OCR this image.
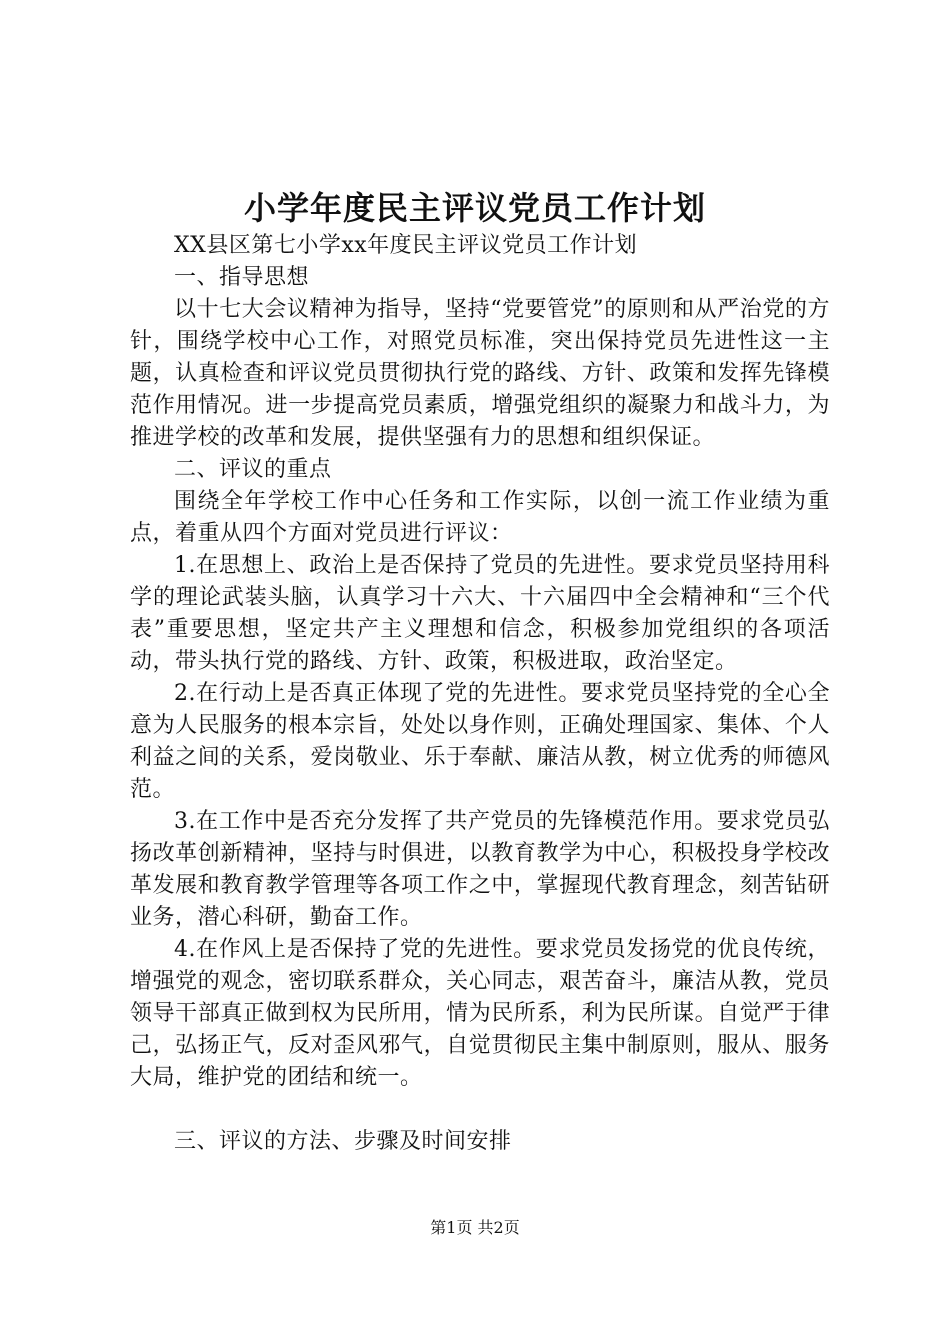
小学年度民主评议党员工作计划

XX县区第七小学xx年度民主评议党员工作计划

一、指导思想

以十七大会议精神为指导，坚持“党要管党”的原则和从严治党的方针，围绕学校中心工作，对照党员标准，突出保持党员先进性这一主题，认真检查和评议党员贯彻执行党的路线、方针、政策和发挥先锋模范作用情况。进一步提高党员素质，增强党组织的凝聚力和战斗力，为推进学校的改革和发展，提供坚强有力的思想和组织保证。

二、评议的重点

围绕全年学校工作中心任务和工作实际，以创一流工作业绩为重点，着重从四个方面对党员进行评议：

1.在思想上、政治上是否保持了党员的先进性。要求党员坚持用科学的理论武装头脑，认真学习十六大、十六届四中全会精神和“三个代表”重要思想，坚定共产主义理想和信念，积极参加党组织的各项活动，带头执行党的路线、方针、政策，积极进取，政治坚定。

2.在行动上是否真正体现了党的先进性。要求党员坚持党的全心全意为人民服务的根本宗旨，处处以身作则，正确处理国家、集体、个人利益之间的关系，爱岗敬业、乐于奉献、廉洁从教，树立优秀的师德风范。

3.在工作中是否充分发挥了共产党员的先锋模范作用。要求党员弘扬改革创新精神，坚持与时俱进，以教育教学为中心，积极投身学校改革发展和教育教学管理等各项工作之中，掌握现代教育理念，刻苦钻研业务，潜心科研，勤奋工作。

4.在作风上是否保持了党的先进性。要求党员发扬党的优良传统，增强党的观念，密切联系群众，关心同志，艰苦奋斗，廉洁从教，党员领导干部真正做到权为民所用，情为民所系，利为民所谋。自觉严于律己，弘扬正气，反对歪风邪气，自觉贯彻民主集中制原则，服从、服务大局，维护党的团结和统一。

三、评议的方法、步骤及时间安排

第1页 共2页
